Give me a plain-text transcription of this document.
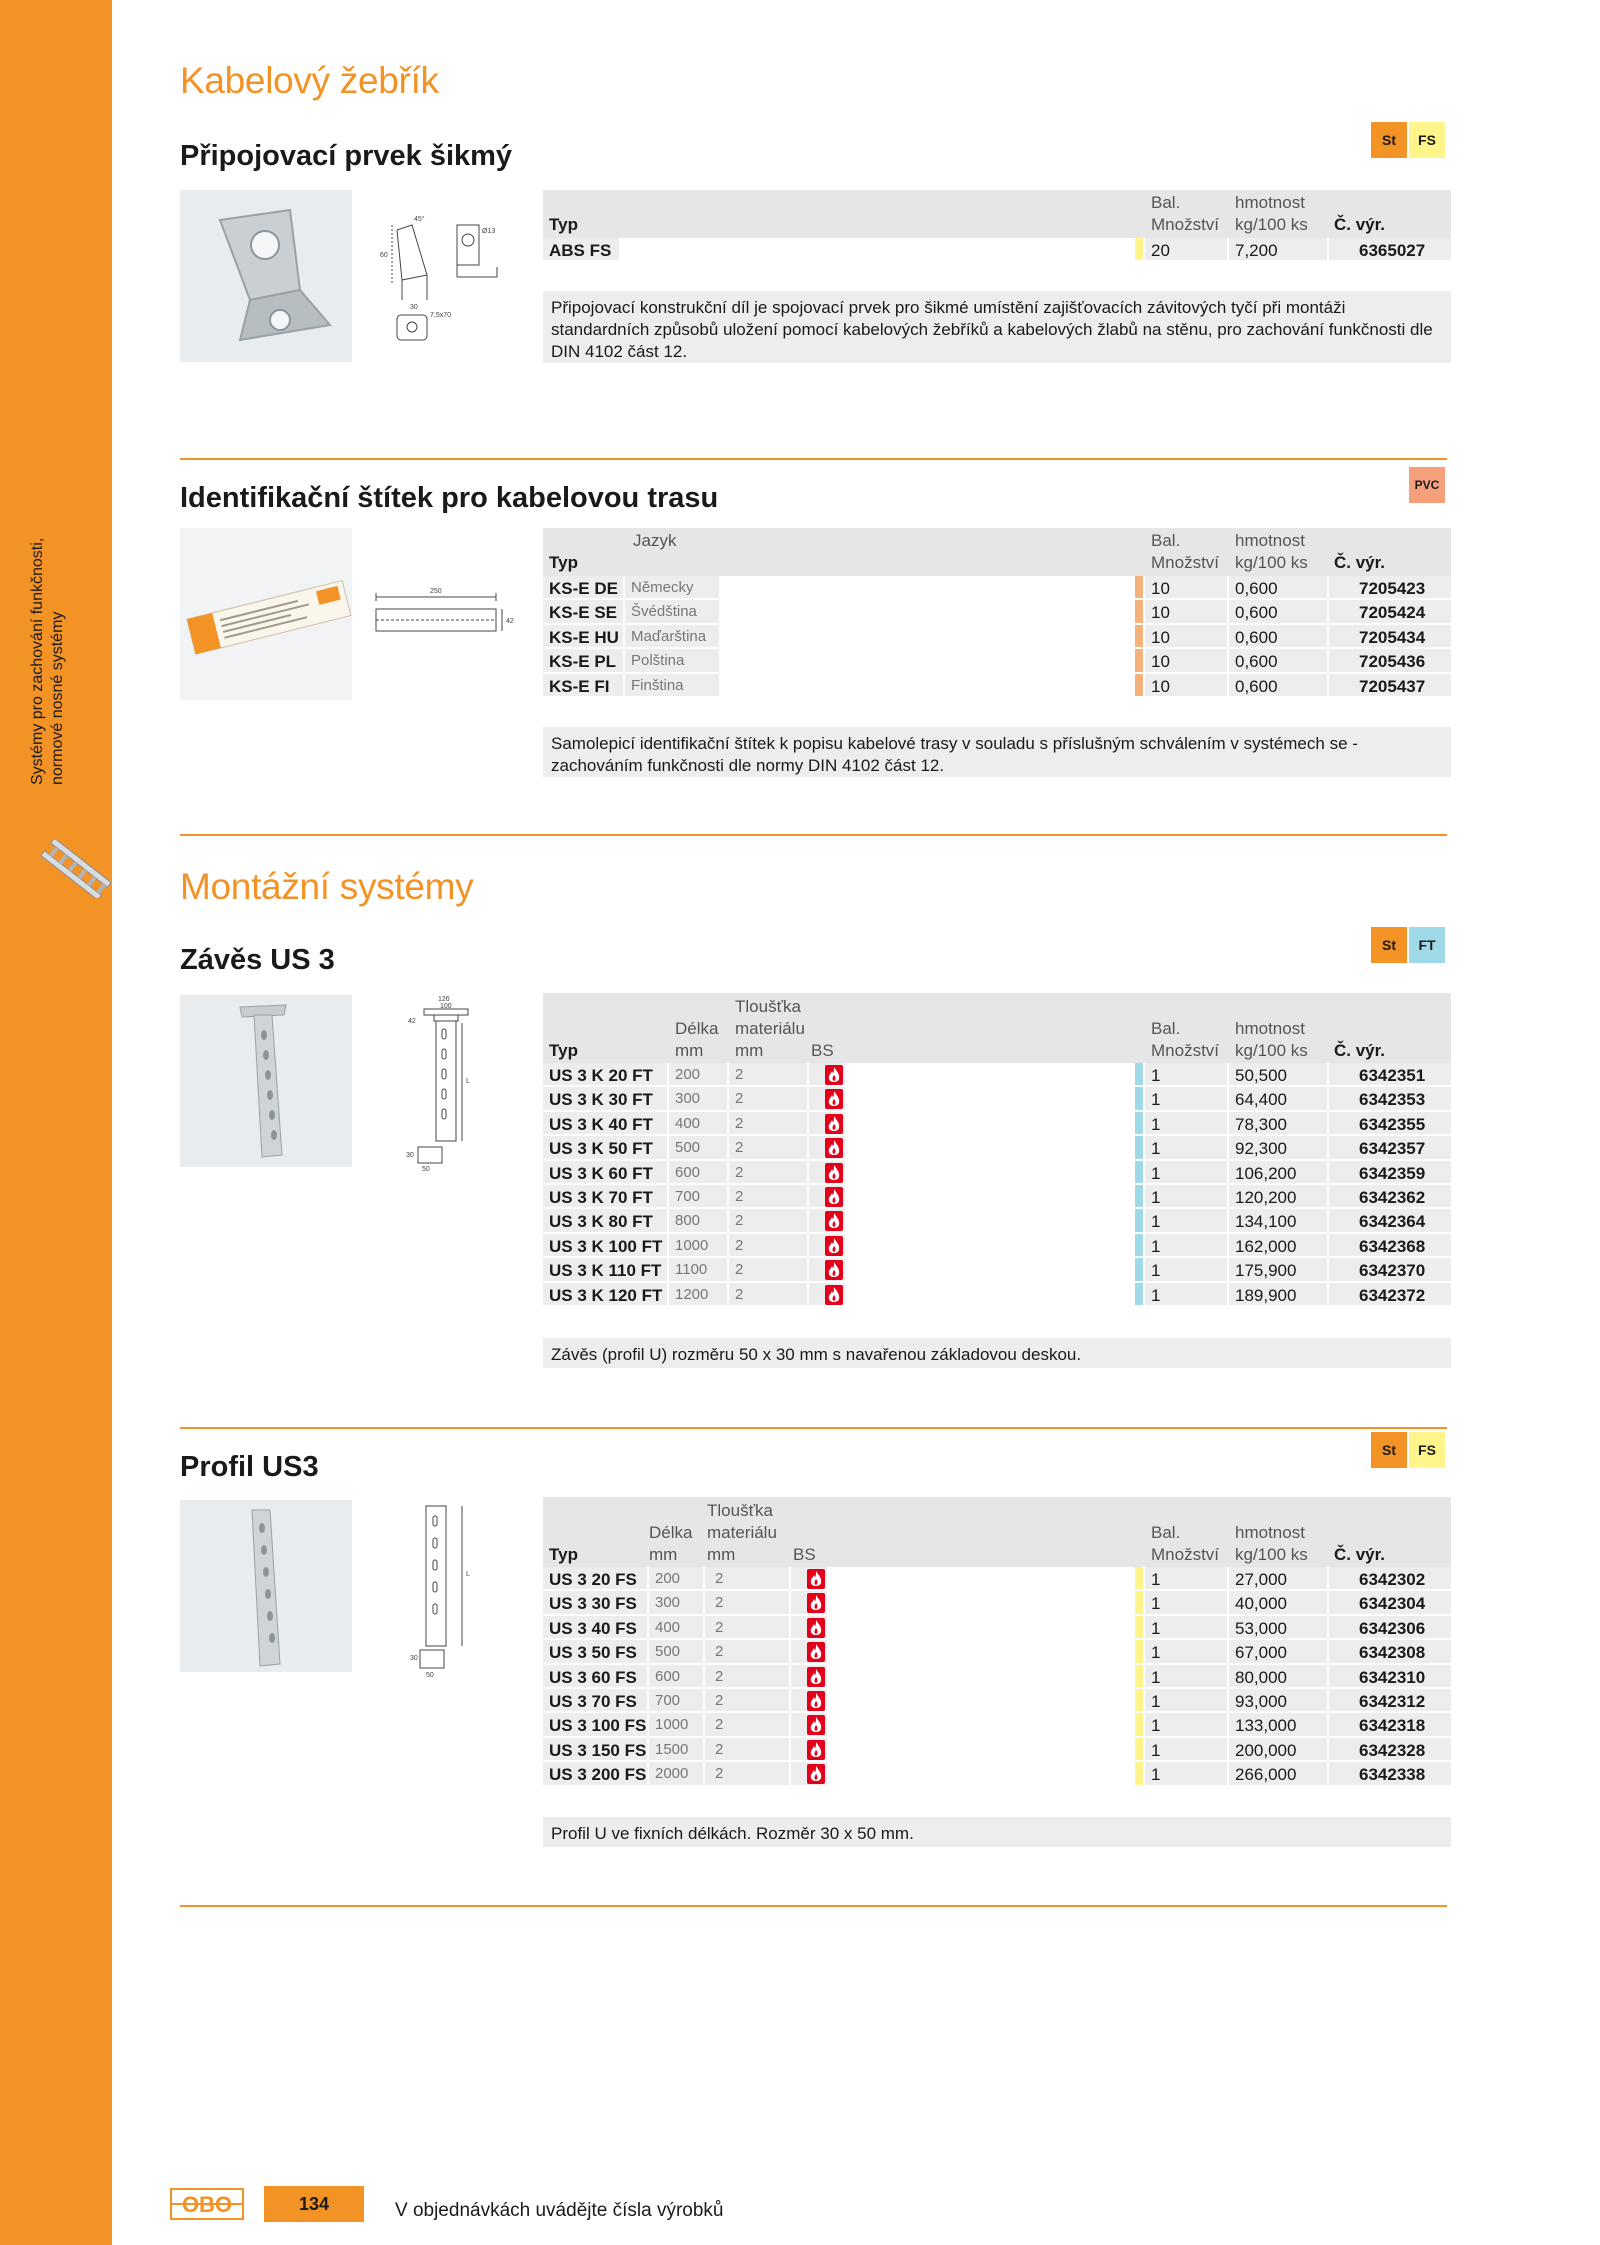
Systémy pro zachování funkčnosti, normové nosné systémy
Kabelový žebřík
Připojovací prvek šikmý	St	FS
45°
Ø13
60
30
7,5x70
Bal.	hmotnost
Typ	Množství kg/100 ks Č. výr.
ABS FS	20	7,200	6365027
Připojovací konstrukční díl je spojovací prvek pro šikmé umístění zajišťovacích závitových tyčí při montáži standardních způsobů uložení pomocí kabelových žebříků a kabelových žlabů na stěnu, pro zachování funkčnosti dle DIN 4102 část 12.
Identifikační štítek pro kabelovou trasu	PVC
250
42
Jazyk	Bal.	hmotnost
Typ	Množství kg/100 ks Č. výr.
KS-E DE Německy	10	0,600	7205423
KS-E SE Švédština	10	0,600	7205424
KS-E HU Maďarština	10	0,600	7205434
KS-E PL Polština	10	0,600	7205436
KS-E FI Finština	10	0,600	7205437
Samolepicí identifikační štítek k popisu kabelové trasy v souladu s příslušným schválením v systémech se - zachováním funkčnosti dle normy DIN 4102 část 12.
Montážní systémy
Závěs US 3	St	FT
126
100
42
L
50
30
Tloušťka
Délka materiálu	Bal.	hmotnost
Typ	mm mm	BS	Množství kg/100 ks Č. výr.
US 3 K 20 FT 200 2	1	50,500	6342351
US 3 K 30 FT 300 2	1	64,400	6342353
US 3 K 40 FT 400 2	1	78,300	6342355
US 3 K 50 FT 500 2	1	92,300	6342357
US 3 K 60 FT 600 2	1	106,200	6342359
US 3 K 70 FT 700 2	1	120,200	6342362
US 3 K 80 FT 800 2	1	134,100	6342364
US 3 K 100 FT 1000 2	1	162,000	6342368
US 3 K 110 FT 1100 2	1	175,900	6342370
US 3 K 120 FT 1200 2	1	189,900	6342372
Závěs (profil U) rozměru 50 x 30 mm s navařenou základovou deskou.
Profil US3
St	FS
L
30
50
Tloušťka
Délka materiálu	Bal.	hmotnost
Typ	mm mm	BS	Množství kg/100 ks Č. výr.
US 3 20 FS 200 2	1	27,000	6342302
US 3 30 FS 300 2	1	40,000	6342304
US 3 40 FS 400 2	1	53,000	6342306
US 3 50 FS 500 2	1	67,000	6342308
US 3 60 FS 600 2	1	80,000	6342310
US 3 70 FS 700 2	1	93,000	6342312
US 3 100 FS 1000 2	1	133,000	6342318
US 3 150 FS 1500 2	1	200,000	6342328
US 3 200 FS 2000 2	1	266,000	6342338
Profil U ve fixních délkách. Rozměr 30 x 50 mm.
OBO	134	V objednávkách uvádějte čísla výrobků
